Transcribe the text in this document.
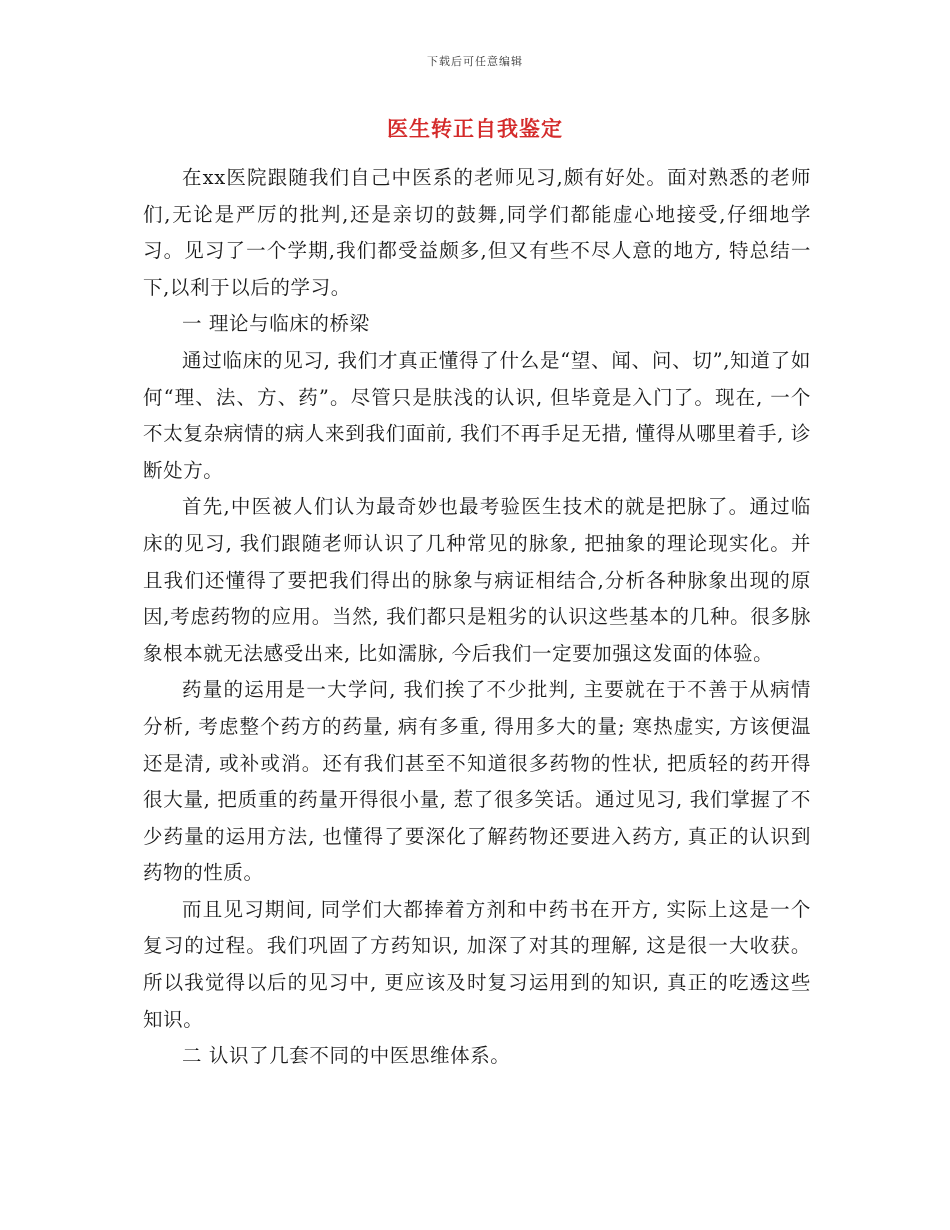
下载后可任意编辑
医生转正自我鉴定

在xx医院跟随我们自己中医系的老师见习,颇有好处。面对熟悉的老师们,无论是严厉的批判,还是亲切的鼓舞,同学们都能虚心地接受,仔细地学习。见习了一个学期,我们都受益颇多,但又有些不尽人意的地方, 特总结一下,以利于以后的学习。

一 理论与临床的桥梁

通过临床的见习, 我们才真正懂得了什么是“望、闻、问、切”,知道了如何“理、法、方、药”。尽管只是肤浅的认识, 但毕竟是入门了。现在, 一个不太复杂病情的病人来到我们面前, 我们不再手足无措, 懂得从哪里着手, 诊断处方。

首先,中医被人们认为最奇妙也最考验医生技术的就是把脉了。通过临床的见习, 我们跟随老师认识了几种常见的脉象, 把抽象的理论现实化。并且我们还懂得了要把我们得出的脉象与病证相结合,分析各种脉象出现的原因,考虑药物的应用。当然, 我们都只是粗劣的认识这些基本的几种。很多脉象根本就无法感受出来, 比如濡脉, 今后我们一定要加强这发面的体验。

药量的运用是一大学问, 我们挨了不少批判, 主要就在于不善于从病情分析, 考虑整个药方的药量, 病有多重, 得用多大的量; 寒热虚实, 方该便温还是清, 或补或消。还有我们甚至不知道很多药物的性状, 把质轻的药开得很大量, 把质重的药量开得很小量, 惹了很多笑话。通过见习, 我们掌握了不少药量的运用方法, 也懂得了要深化了解药物还要进入药方, 真正的认识到药物的性质。

而且见习期间, 同学们大都捧着方剂和中药书在开方, 实际上这是一个复习的过程。我们巩固了方药知识, 加深了对其的理解, 这是很一大收获。所以我觉得以后的见习中, 更应该及时复习运用到的知识, 真正的吃透这些知识。

二 认识了几套不同的中医思维体系。
